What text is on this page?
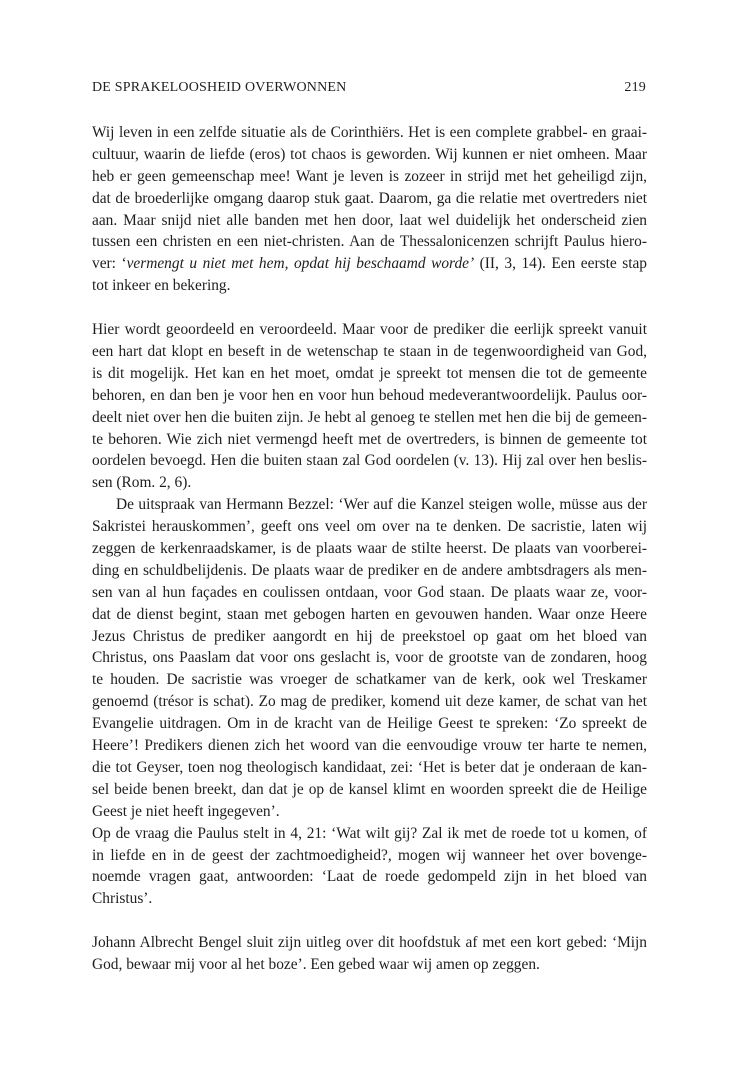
DE SPRAKELOOSHEID OVERWONNEN	219
Wij leven in een zelfde situatie als de Corinthiërs. Het is een complete grabbel- en graai-
cultuur, waarin de liefde (eros) tot chaos is geworden. Wij kunnen er niet omheen. Maar
heb er geen gemeenschap mee! Want je leven is zozeer in strijd met het geheiligd zijn,
dat de broederlijke omgang daarop stuk gaat. Daarom, ga die relatie met overtreders niet
aan. Maar snijd niet alle banden met hen door, laat wel duidelijk het onderscheid zien
tussen een christen en een niet-christen. Aan de Thessalonicenzen schrijft Paulus hiero-
ver: ‘vermengt u niet met hem, opdat hij beschaamd worde’ (II, 3, 14). Een eerste stap
tot inkeer en bekering.
Hier wordt geoordeeld en veroordeeld. Maar voor de prediker die eerlijk spreekt vanuit
een hart dat klopt en beseft in de wetenschap te staan in de tegenwoordigheid van God,
is dit mogelijk. Het kan en het moet, omdat je spreekt tot mensen die tot de gemeente
behoren, en dan ben je voor hen en voor hun behoud medeverantwoordelijk. Paulus oor-
deelt niet over hen die buiten zijn. Je hebt al genoeg te stellen met hen die bij de gemeen-
te behoren. Wie zich niet vermengd heeft met de overtreders, is binnen de gemeente tot
oordelen bevoegd. Hen die buiten staan zal God oordelen (v. 13). Hij zal over hen beslis-
sen (Rom. 2, 6).
De uitspraak van Hermann Bezzel: ‘Wer auf die Kanzel steigen wolle, müsse aus der
Sakristei herauskommen’, geeft ons veel om over na te denken. De sacristie, laten wij
zeggen de kerkenraadskamer, is de plaats waar de stilte heerst. De plaats van voorberei-
ding en schuldbelijdenis. De plaats waar de prediker en de andere ambtsdragers als men-
sen van al hun façades en coulissen ontdaan, voor God staan. De plaats waar ze, voor-
dat de dienst begint, staan met gebogen harten en gevouwen handen. Waar onze Heere
Jezus Christus de prediker aangordt en hij de preekstoel op gaat om het bloed van
Christus, ons Paaslam dat voor ons geslacht is, voor de grootste van de zondaren, hoog
te houden. De sacristie was vroeger de schatkamer van de kerk, ook wel Treskamer
genoemd (trésor is schat). Zo mag de prediker, komend uit deze kamer, de schat van het
Evangelie uitdragen. Om in de kracht van de Heilige Geest te spreken: ‘Zo spreekt de
Heere’! Predikers dienen zich het woord van die eenvoudige vrouw ter harte te nemen,
die tot Geyser, toen nog theologisch kandidaat, zei: ‘Het is beter dat je onderaan de kan-
sel beide benen breekt, dan dat je op de kansel klimt en woorden spreekt die de Heilige
Geest je niet heeft ingegeven’.
Op de vraag die Paulus stelt in 4, 21: ‘Wat wilt gij? Zal ik met de roede tot u komen, of
in liefde en in de geest der zachtmoedigheid?, mogen wij wanneer het over bovenge-
noemde vragen gaat, antwoorden: ‘Laat de roede gedompeld zijn in het bloed van
Christus’.
Johann Albrecht Bengel sluit zijn uitleg over dit hoofdstuk af met een kort gebed: ‘Mijn
God, bewaar mij voor al het boze’. Een gebed waar wij amen op zeggen.
